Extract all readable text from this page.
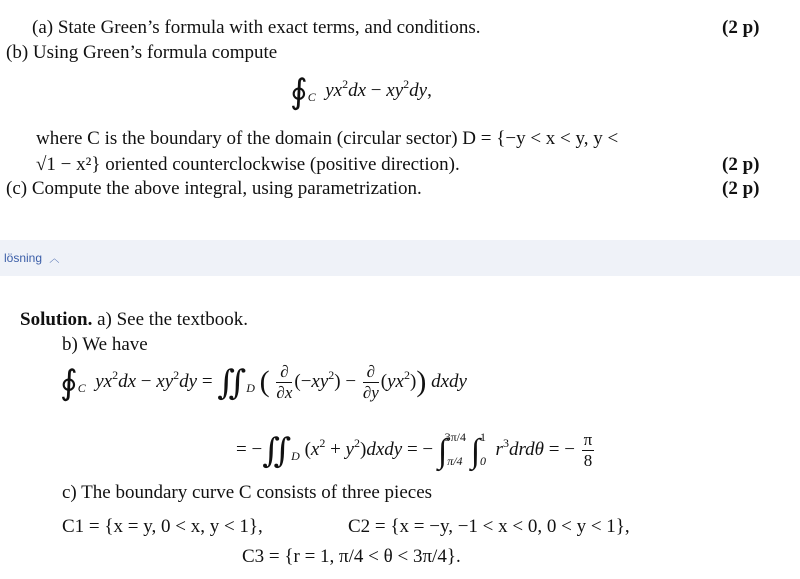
(a) State Green’s formula with exact terms, and conditions.	(2 p)
(b) Using Green’s formula compute
$∮_C$  $yx^2dx - xy^2dy$,
where C is the boundary of the domain (circular sector) D = {−y < x < y, y <
√1 − x²} oriented counterclockwise (positive direction).	(2 p)
(c) Compute the above integral, using parametrization.	(2 p)
lösning ︿
Solution. a) See the textbook.
b) We have
$∮_C$  $yx^2dx - xy^2dy$ = $∬_D$ ( $\frac{\partial}{\partial x} (-xy^2) - \frac{\partial}{\partial y} (yx^2)$) dxdy
= $-∬_D$ ($x^2$ + $y^2)dxdy$ = − $\int_{\pi/4}^{3\pi/4}$ $\int_0^1$  $r^3drd\theta$ = − $\frac{\pi}{8}$
c) The boundary curve C consists of three pieces
C1 = {x = y, 0 < x, y < 1},	C2 = {x = −y, −1 < x < 0, 0 < y < 1},
C3 = {r = 1, π/4 < θ < 3π/4}.
